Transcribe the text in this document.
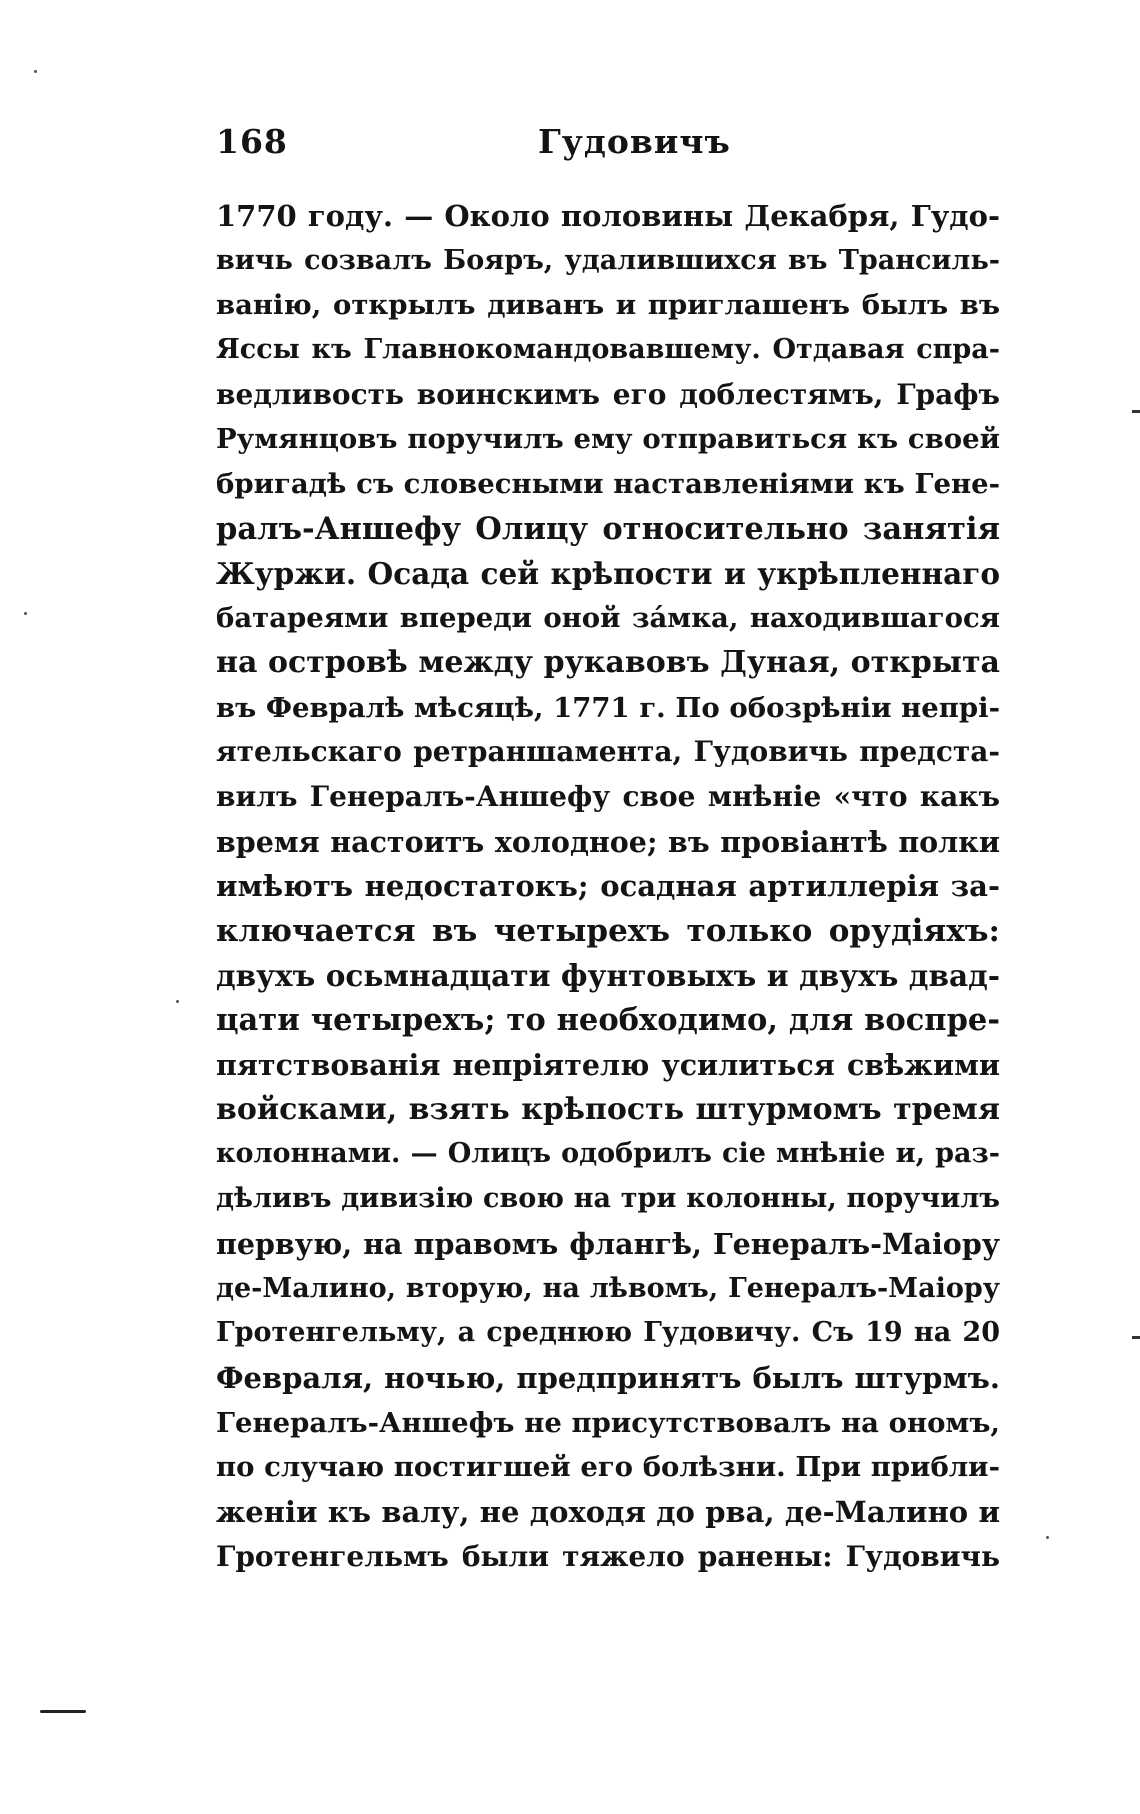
168	Гудовичъ
1770 году. — Около половины Декабря, Гудо-
вичь созвалъ Бояръ, удалившихся въ Трансиль-
ванію, открылъ диванъ и приглашенъ былъ въ
Яссы къ Главнокомандовавшему. Отдавая спра-
ведливость воинскимъ его доблестямъ, Графъ
Румянцовъ поручилъ ему отправиться къ своей
бригадѣ съ словесными наставленіями къ Гене-
ралъ-Аншефу Олицу относительно занятія
Журжи. Осада сей крѣпости и укрѣпленнаго
батареями впереди оной за́мка, находившагося
на островѣ между рукавовъ Дуная, открыта
въ Февралѣ мѣсяцѣ, 1771 г. По обозрѣніи непрі-
ятельскаго ретраншамента, Гудовичь предста-
вилъ Генералъ-Аншефу свое мнѣніе «что какъ
время настоитъ холодное; въ провіантѣ полки
имѣютъ недостатокъ; осадная артиллерія за-
ключается въ четырехъ только орудіяхъ:
двухъ осьмнадцати фунтовыхъ и двухъ двад-
цати четырехъ; то необходимо, для воспре-
пятствованія непріятелю усилиться свѣжими
войсками, взять крѣпость штурмомъ тремя
колоннами. — Олицъ одобрилъ сіе мнѣніе и, раз-
дѣливъ дивизію свою на три колонны, поручилъ
первую, на правомъ флангѣ, Генералъ-Маіору
де-Малино, вторую, на лѣвомъ, Генералъ-Маіору
Гротенгельму, а среднюю Гудовичу. Съ 19 на 20
Февраля, ночью, предпринятъ былъ штурмъ.
Генералъ-Аншефъ не присутствовалъ на ономъ,
по случаю постигшей его болѣзни. При прибли-
женіи къ валу, не доходя до рва, де-Малино и
Гротенгельмъ были тяжело ранены: Гудовичь
